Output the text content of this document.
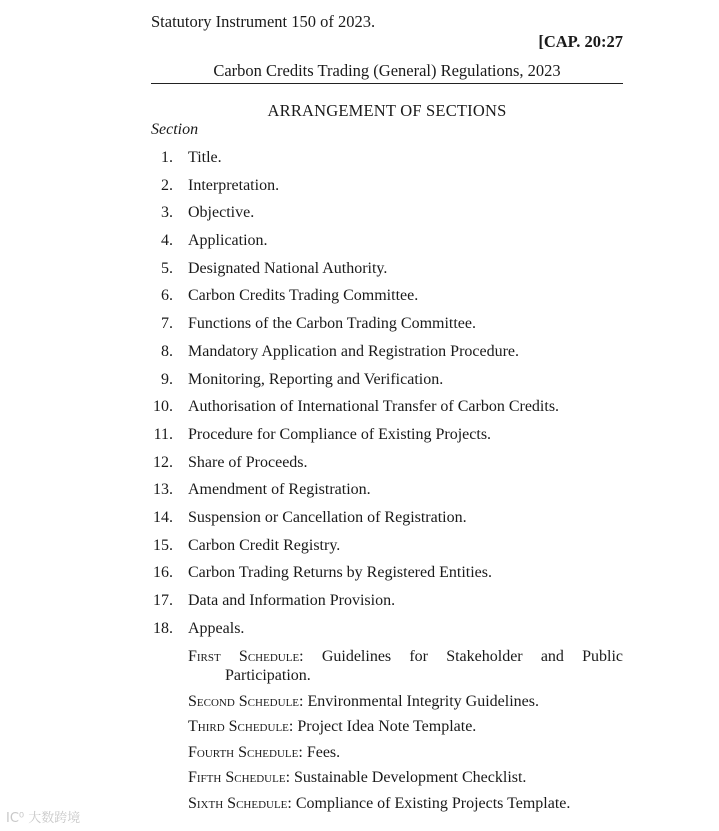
Statutory Instrument 150 of 2023.
[CAP. 20:27
Carbon Credits Trading (General) Regulations, 2023
ARRANGEMENT OF SECTIONS
Section
1. Title.
2. Interpretation.
3. Objective.
4. Application.
5. Designated National Authority.
6. Carbon Credits Trading Committee.
7. Functions of the Carbon Trading Committee.
8. Mandatory Application and Registration Procedure.
9. Monitoring, Reporting and Verification.
10. Authorisation of International Transfer of Carbon Credits.
11. Procedure for Compliance of Existing Projects.
12. Share of Proceeds.
13. Amendment of Registration.
14. Suspension or Cancellation of Registration.
15. Carbon Credit Registry.
16. Carbon Trading Returns by Registered Entities.
17. Data and Information Provision.
18. Appeals.
First Schedule: Guidelines for Stakeholder and Public Participation.
Second Schedule: Environmental Integrity Guidelines.
Third Schedule: Project Idea Note Template.
Fourth Schedule: Fees.
Fifth Schedule: Sustainable Development Checklist.
Sixth Schedule: Compliance of Existing Projects Template.
IC⁰ 大数跨境
